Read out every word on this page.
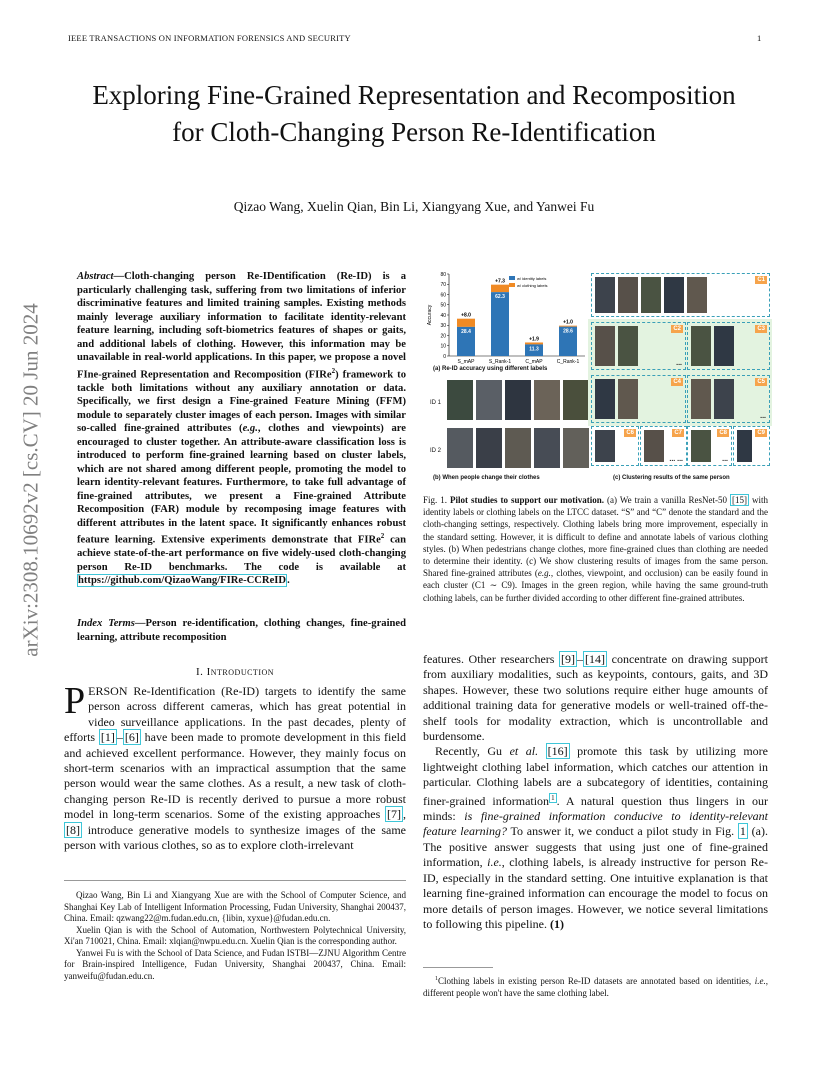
IEEE TRANSACTIONS ON INFORMATION FORENSICS AND SECURITY	1
Exploring Fine-Grained Representation and Recomposition for Cloth-Changing Person Re-Identification
Qizao Wang, Xuelin Qian, Bin Li, Xiangyang Xue, and Yanwei Fu
arXiv:2308.10692v2 [cs.CV] 20 Jun 2024
Abstract—Cloth-changing person Re-IDentification (Re-ID) is a particularly challenging task, suffering from two limitations of inferior discriminative features and limited training samples. Existing methods mainly leverage auxiliary information to facilitate identity-relevant feature learning, including soft-biometrics features of shapes or gaits, and additional labels of clothing. However, this information may be unavailable in real-world applications. In this paper, we propose a novel FIne-grained Representation and Recomposition (FIRe$^2$) framework to tackle both limitations without any auxiliary annotation or data. Specifically, we first design a Fine-grained Feature Mining (FFM) module to separately cluster images of each person. Images with similar so-called fine-grained attributes (e.g., clothes and viewpoints) are encouraged to cluster together. An attribute-aware classification loss is introduced to perform fine-grained learning based on cluster labels, which are not shared among different people, promoting the model to learn identity-relevant features. Furthermore, to take full advantage of fine-grained attributes, we present a Fine-grained Attribute Recomposition (FAR) module by recomposing image features with different attributes in the latent space. It significantly enhances robust feature learning. Extensive experiments demonstrate that FIRe$^2$ can achieve state-of-the-art performance on five widely-used cloth-changing person Re-ID benchmarks. The code is available at https://github.com/QizaoWang/FIRe-CCReID.
Index Terms—Person re-identification, clothing changes, fine-grained learning, attribute recomposition
I. Introduction
PERSON Re-Identification (Re-ID) targets to identify the same person across different cameras, which has great potential in video surveillance applications. In the past decades, plenty of efforts [1] – [6] have been made to promote development in this field and achieved excellent performance. However, they mainly focus on short-term scenarios with an impractical assumption that the same person would wear the same clothes. As a result, a new task of cloth-changing person Re-ID is recently derived to pursue a more robust model in long-term scenarios. Some of the existing approaches [7] , [8] introduce generative models to synthesize images of the same person with various clothes, so as to explore cloth-irrelevant
Qizao Wang, Bin Li and Xiangyang Xue are with the School of Computer Science, and Shanghai Key Lab of Intelligent Information Processing, Fudan University, Shanghai 200437, China. Email: qzwang22@m.fudan.edu.cn, {libin, xyxue}@fudan.edu.cn.
Xuelin Qian is with the School of Automation, Northwestern Polytechnical University, Xi'an 710021, China. Email: xlqian@nwpu.edu.cn. Xuelin Qian is the corresponding author.
Yanwei Fu is with the School of Data Science, and Fudan ISTBI—ZJNU Algorithm Centre for Brain-inspired Intelligence, Fudan University, Shanghai 200437, China. Email: yanweifu@fudan.edu.cn.
0
10
20
30
40
50
60
70
80
Accuracy
28.4
+8.0
S_mAP
62.3
+7.3
S_Rank-1
11.3
+1.9
C_mAP
28.6
+1.0
C_Rank-1
w/ identity labels
w/ clothing labels
(a) Re-ID accuracy using different labels
ID 1
ID 2
(b) When people change their clothes
C1
C2
...
C3
C4	C5
...
C6	C7
... ...
C8
...
C9
(c) Clustering results of the same person
Fig. 1. Pilot studies to support our motivation. (a) We train a vanilla ResNet-50 [15] with identity labels or clothing labels on the LTCC dataset. “S” and “C” denote the standard and the cloth-changing settings, respectively. Clothing labels bring more improvement, especially in the standard setting. However, it is difficult to define and annotate labels of various clothing styles. (b) When pedestrians change clothes, more fine-grained clues than clothing are needed to determine their identity. (c) We show clustering results of images from the same person. Shared fine-grained attributes (e.g., clothes, viewpoint, and occlusion) can be easily found in each cluster (C1 ∼ C9). Images in the green region, while having the same ground-truth clothing labels, can be further divided according to other different fine-grained attributes.
features. Other researchers [9] – [14] concentrate on drawing support from auxiliary modalities, such as keypoints, contours, gaits, and 3D shapes. However, these two solutions require either huge amounts of additional training data for generative models or well-trained off-the-shelf tools for modality extraction, which is uncontrollable and burdensome.
Recently, Gu et al. [16] promote this task by utilizing more lightweight clothing label information, which catches our attention in particular. Clothing labels are a subcategory of identities, containing finer-grained information $^1$ . A natural question thus lingers in our minds: is fine-grained information conducive to identity-relevant feature learning? To answer it, we conduct a pilot study in Fig. 1 (a). The positive answer suggests that using just one of fine-grained information, i.e., clothing labels, is already instructive for person Re-ID, especially in the standard setting. One intuitive explanation is that learning fine-grained information can encourage the model to focus on more details of person images. However, we notice several limitations to following this pipeline. (1)
$^1$Clothing labels in existing person Re-ID datasets are annotated based on identities, i.e., different people won't have the same clothing label.
